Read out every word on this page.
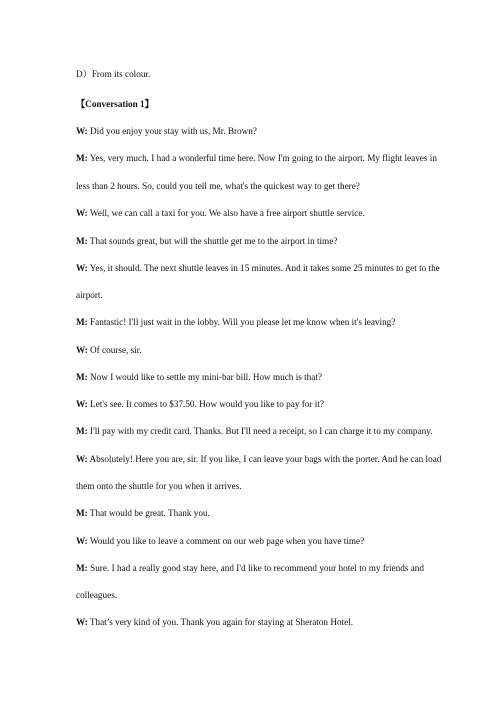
D）From its colour.
【Conversation 1】
W: Did you enjoy your stay with us, Mr. Brown?
M: Yes, very much. I had a wonderful time here. Now I'm going to the airport. My flight leaves in
less than 2 hours. So, could you tell me, what's the quickest way to get there?
W: Well, we can call a taxi for you. We also have a free airport shuttle service.
M: That sounds great, but will the shuttle get me to the airport in time?
W: Yes, it should. The next shuttle leaves in 15 minutes. And it takes some 25 minutes to get to the
airport.
M: Fantastic! I'll just wait in the lobby. Will you please let me know when it's leaving?
W: Of course, sir.
M: Now I would like to settle my mini-bar bill. How much is that?
W: Let's see. It comes to $37.50. How would you like to pay for it?
M: I'll pay with my credit card. Thanks. But I'll need a receipt, so I can charge it to my company.
W: Absolutely! Here you are, sir. If you like, I can leave your bags with the porter. And he can load
them onto the shuttle for you when it arrives.
M: That would be great. Thank you.
W: Would you like to leave a comment on our web page when you have time?
M: Sure. I had a really good stay here, and I'd like to recommend your hotel to my friends and
colleagues.
W: That’s very kind of you. Thank you again for staying at Sheraton Hotel.
